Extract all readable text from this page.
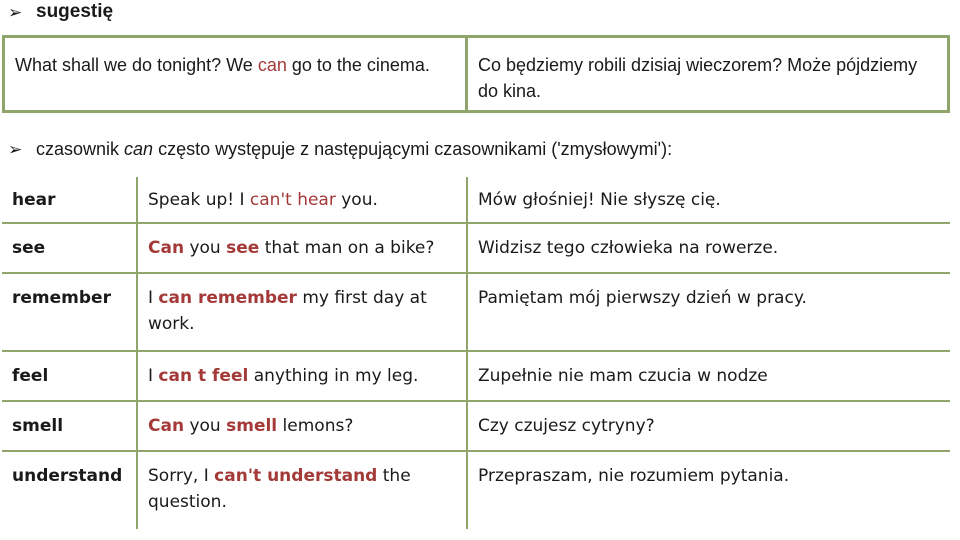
➢ sugestię
What shall we do tonight? We can go to the cinema.	Co będziemy robili dzisiaj wieczorem? Może pójdziemy do kina.
➢ czasownik can często występuje z następującymi czasownikami ('zmysłowymi'):
hear	Speak up! I can't hear you.	Mów głośniej! Nie słyszę cię.
see	Can you see that man on a bike?	Widzisz tego człowieka na rowerze.
remember	I can remember my first day at work.	Pamiętam mój pierwszy dzień w pracy.
feel	I can t feel anything in my leg.	Zupełnie nie mam czucia w nodze
smell	Can you smell lemons?	Czy czujesz cytryny?
understand	Sorry, I can't understand the question.	Przepraszam, nie rozumiem pytania.
